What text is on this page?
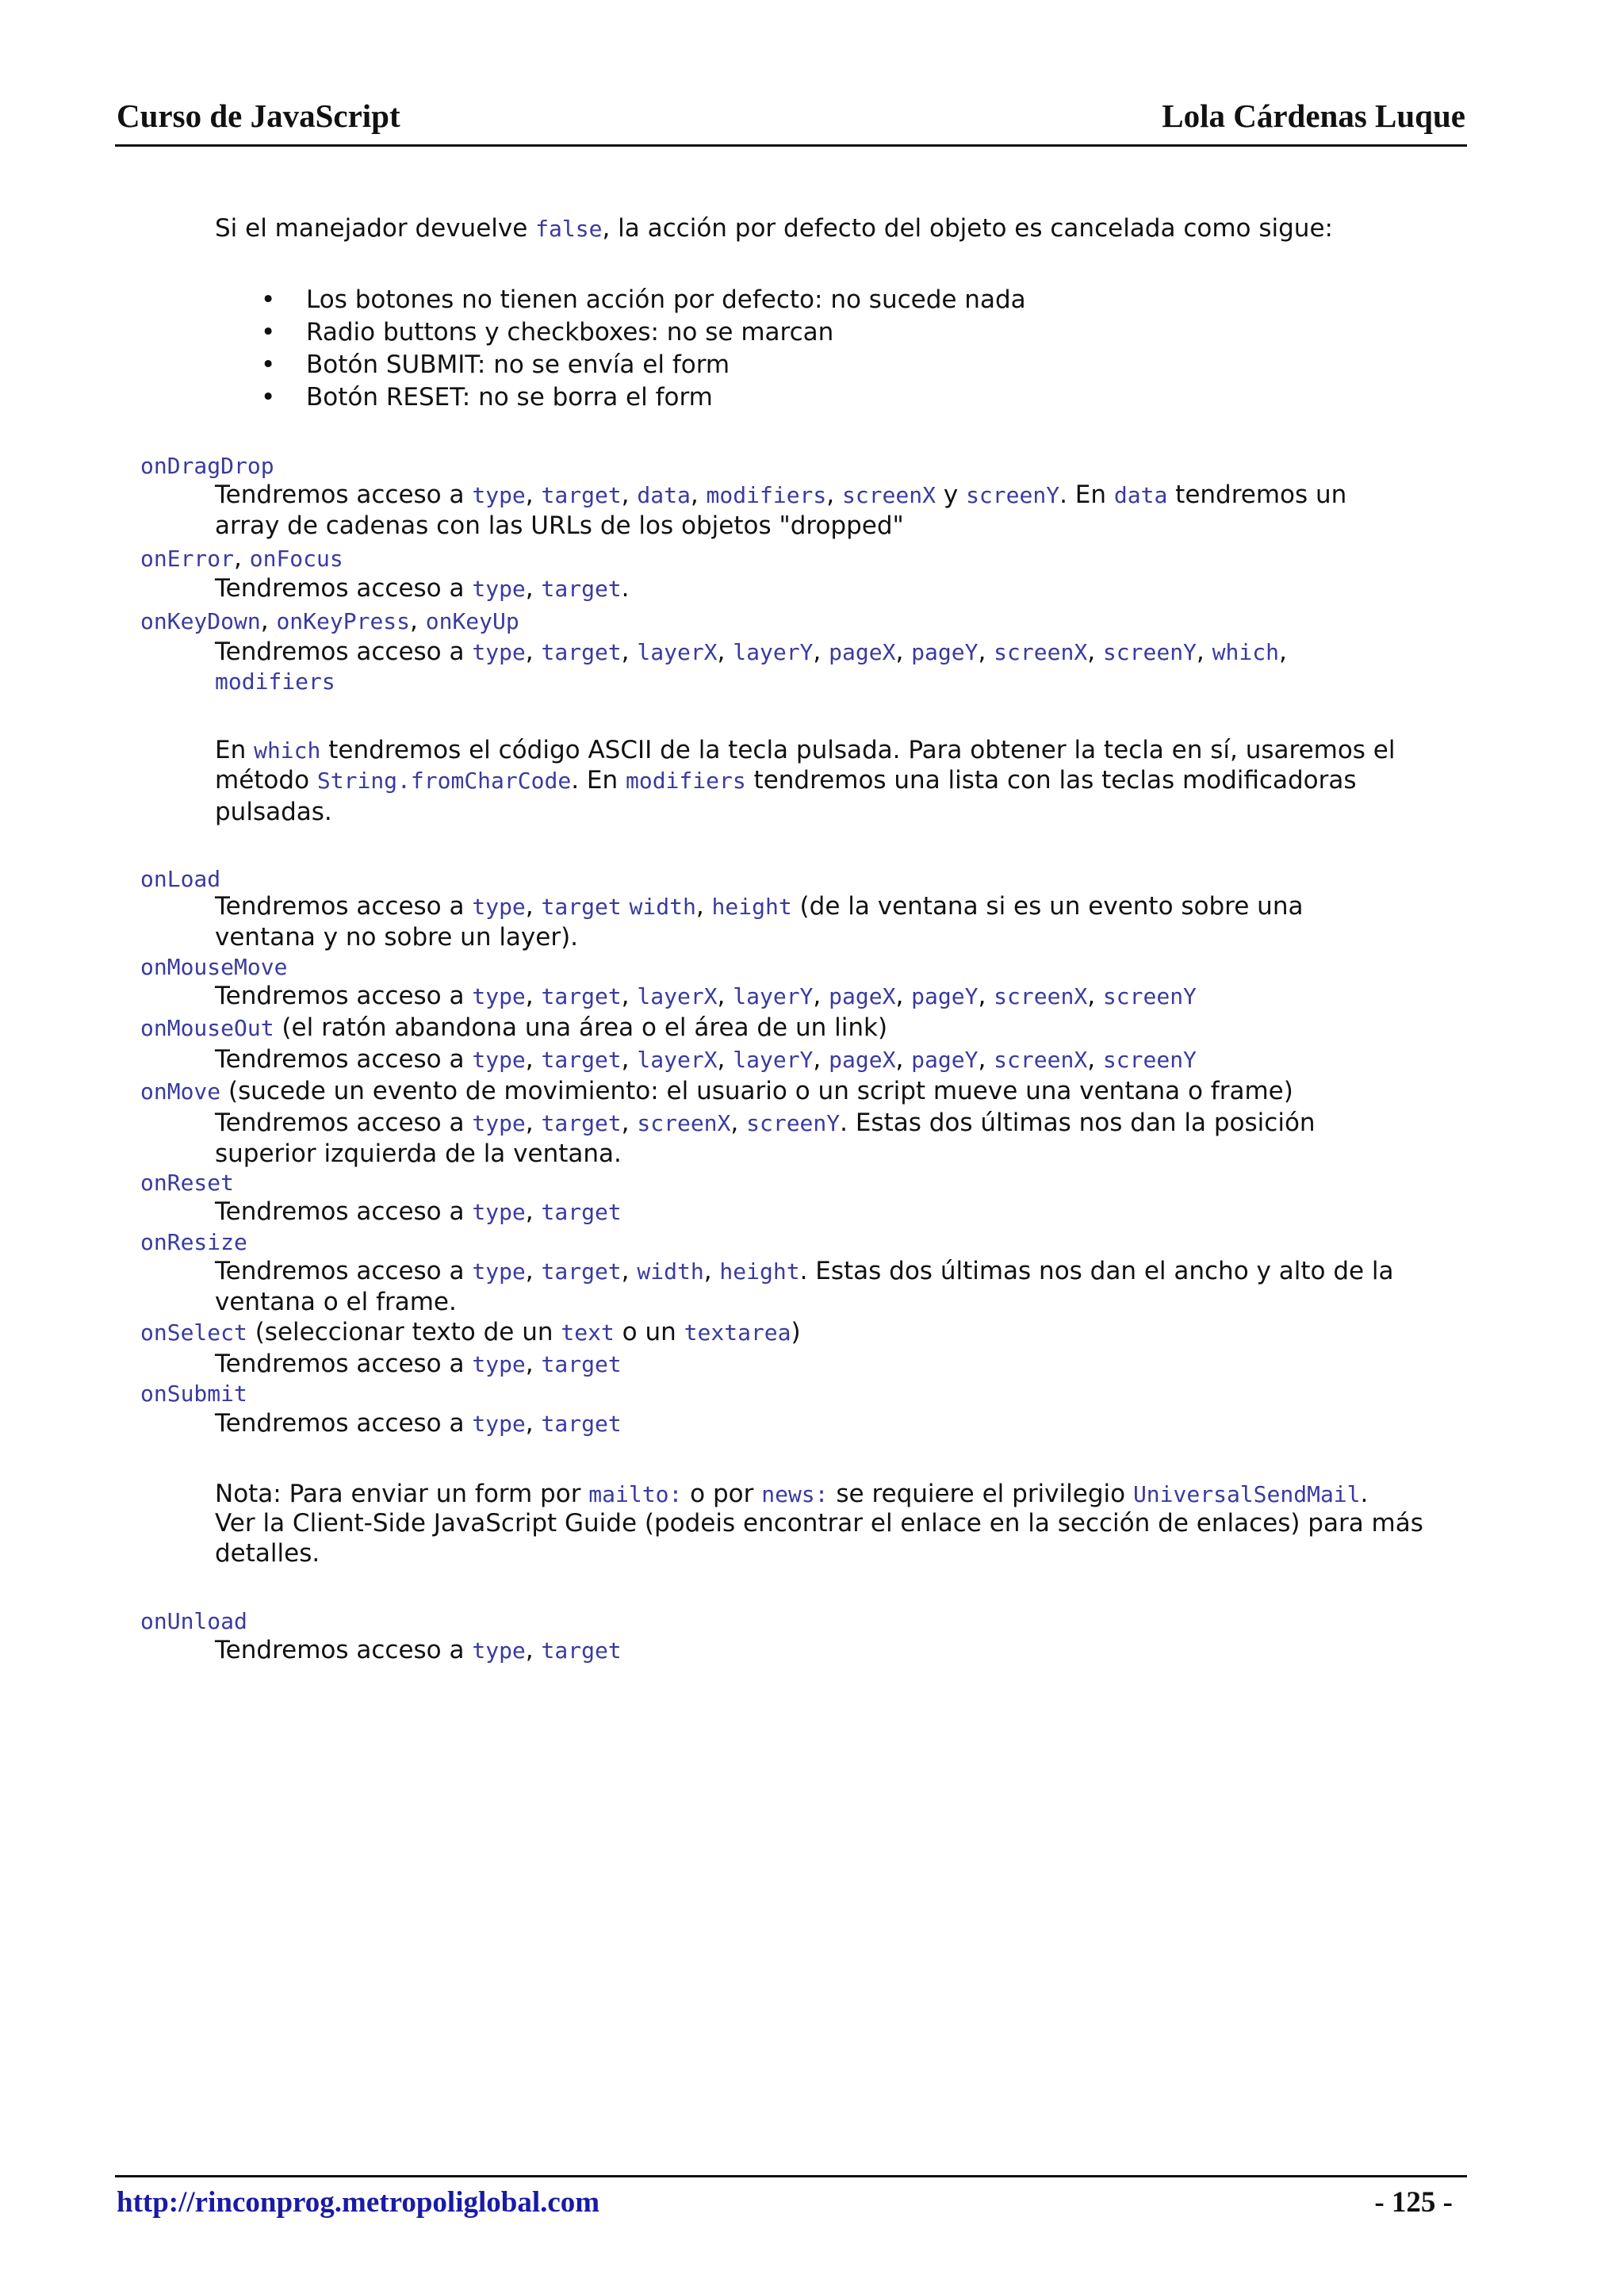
Curso de JavaScript	Lola Cárdenas Luque
Si el manejador devuelve false, la acción por defecto del objeto es cancelada como sigue:
• Los botones no tienen acción por defecto: no sucede nada
• Radio buttons y checkboxes: no se marcan
• Botón SUBMIT: no se envía el form
• Botón RESET: no se borra el form
onDragDrop
Tendremos acceso a type, target, data, modifiers, screenX y screenY. En data tendremos un
array de cadenas con las URLs de los objetos "dropped"
onError, onFocus
Tendremos acceso a type, target.
onKeyDown, onKeyPress, onKeyUp
Tendremos acceso a type, target, layerX, layerY, pageX, pageY, screenX, screenY, which,
modifiers
En which tendremos el código ASCII de la tecla pulsada. Para obtener la tecla en sí, usaremos el
método String.fromCharCode. En modifiers tendremos una lista con las teclas modificadoras
pulsadas.
onLoad
Tendremos acceso a type, target width, height (de la ventana si es un evento sobre una
ventana y no sobre un layer).
onMouseMove
Tendremos acceso a type, target, layerX, layerY, pageX, pageY, screenX, screenY
onMouseOut (el ratón abandona una área o el área de un link)
Tendremos acceso a type, target, layerX, layerY, pageX, pageY, screenX, screenY
onMove (sucede un evento de movimiento: el usuario o un script mueve una ventana o frame)
Tendremos acceso a type, target, screenX, screenY. Estas dos últimas nos dan la posición
superior izquierda de la ventana.
onReset
Tendremos acceso a type, target
onResize
Tendremos acceso a type, target, width, height. Estas dos últimas nos dan el ancho y alto de la
ventana o el frame.
onSelect (seleccionar texto de un text o un textarea)
Tendremos acceso a type, target
onSubmit
Tendremos acceso a type, target
Nota: Para enviar un form por mailto: o por news: se requiere el privilegio UniversalSendMail.
Ver la Client-Side JavaScript Guide (podeis encontrar el enlace en la sección de enlaces) para más
detalles.
onUnload
Tendremos acceso a type, target
http://rinconprog.metropoliglobal.com	- 125 -
